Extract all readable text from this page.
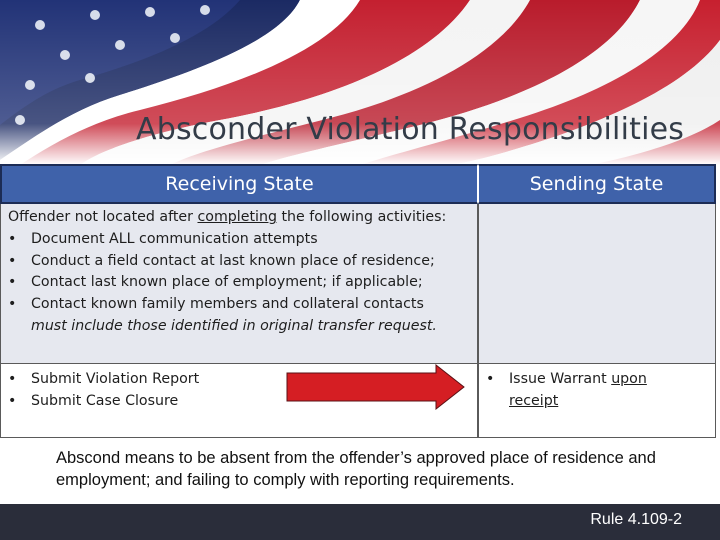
Absconder Violation Responsibilities
Receiving State	Sending State
Offender not located after completing the following activities:
• Document ALL communication attempts
• Conduct a field contact at last known place of residence;
• Contact last known place of employment; if applicable;
• Contact known family members and collateral contacts
must include those identified in original transfer request.
• Submit Violation Report
• Submit Case Closure
• Issue Warrant upon receipt
Abscond means to be absent from the offender’s approved place of residence and employment; and failing to comply with reporting requirements.
Rule 4.109-2
